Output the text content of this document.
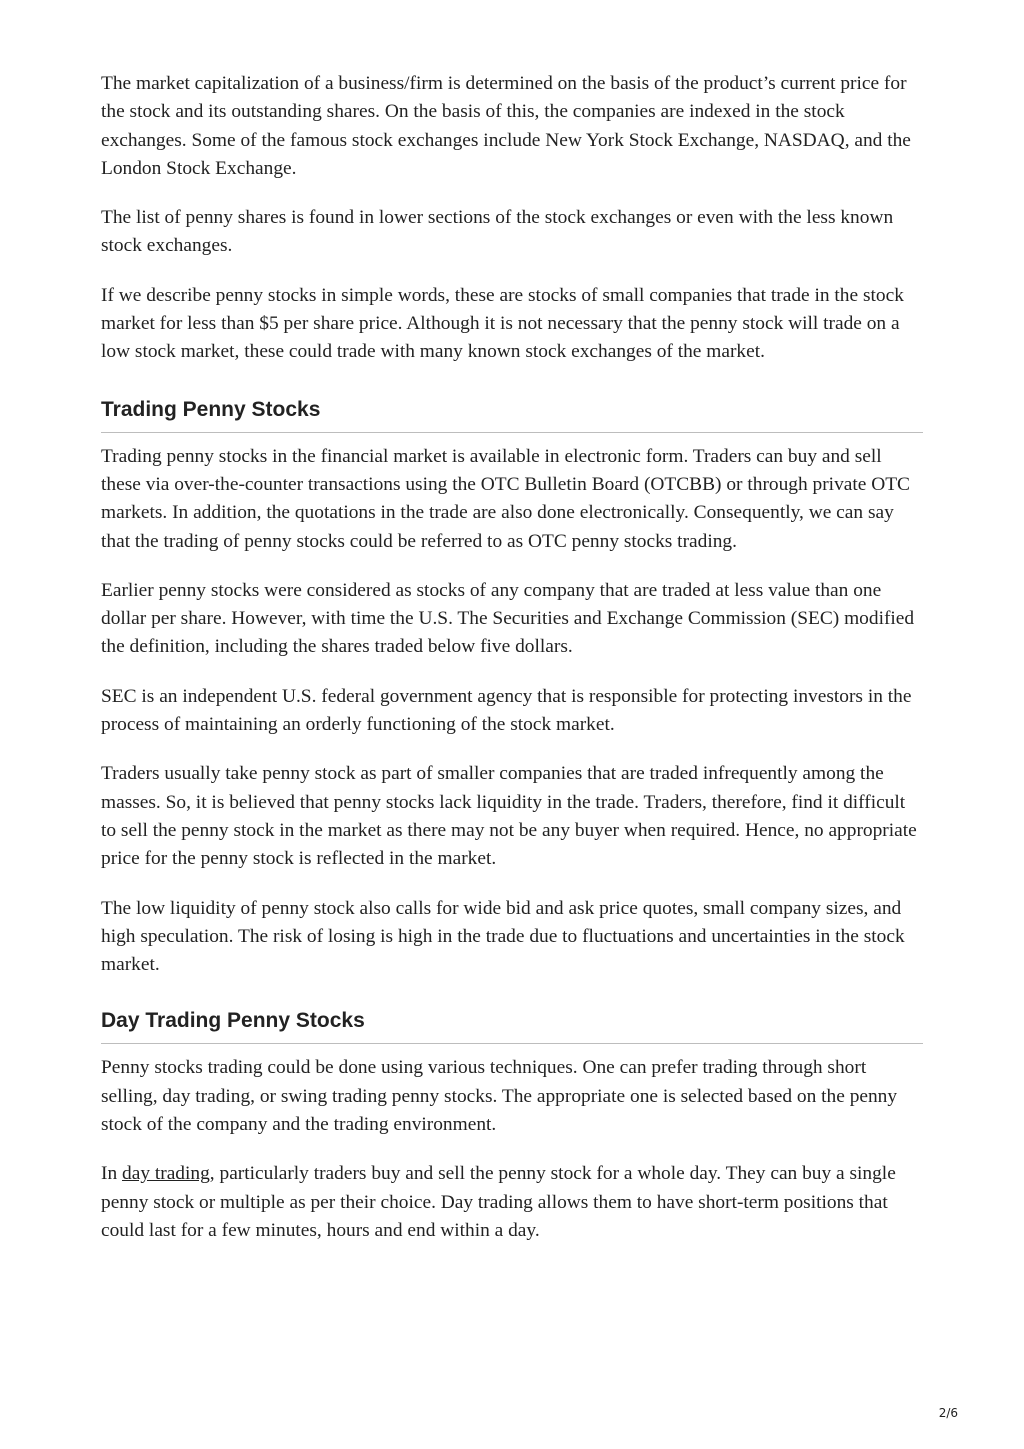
The market capitalization of a business/firm is determined on the basis of the product’s current price for the stock and its outstanding shares. On the basis of this, the companies are indexed in the stock exchanges. Some of the famous stock exchanges include New York Stock Exchange, NASDAQ, and the London Stock Exchange.

The list of penny shares is found in lower sections of the stock exchanges or even with the less known stock exchanges.

If we describe penny stocks in simple words, these are stocks of small companies that trade in the stock market for less than $5 per share price. Although it is not necessary that the penny stock will trade on a low stock market, these could trade with many known stock exchanges of the market.

Trading Penny Stocks

Trading penny stocks in the financial market is available in electronic form. Traders can buy and sell these via over-the-counter transactions using the OTC Bulletin Board (OTCBB) or through private OTC markets. In addition, the quotations in the trade are also done electronically. Consequently, we can say that the trading of penny stocks could be referred to as OTC penny stocks trading.

Earlier penny stocks were considered as stocks of any company that are traded at less value than one dollar per share. However, with time the U.S. The Securities and Exchange Commission (SEC) modified the definition, including the shares traded below five dollars.

SEC is an independent U.S. federal government agency that is responsible for protecting investors in the process of maintaining an orderly functioning of the stock market.

Traders usually take penny stock as part of smaller companies that are traded infrequently among the masses. So, it is believed that penny stocks lack liquidity in the trade. Traders, therefore, find it difficult to sell the penny stock in the market as there may not be any buyer when required. Hence, no appropriate price for the penny stock is reflected in the market.

The low liquidity of penny stock also calls for wide bid and ask price quotes, small company sizes, and high speculation. The risk of losing is high in the trade due to fluctuations and uncertainties in the stock market.

Day Trading Penny Stocks

Penny stocks trading could be done using various techniques. One can prefer trading through short selling, day trading, or swing trading penny stocks. The appropriate one is selected based on the penny stock of the company and the trading environment.

In day trading, particularly traders buy and sell the penny stock for a whole day. They can buy a single penny stock or multiple as per their choice. Day trading allows them to have short-term positions that could last for a few minutes, hours and end within a day.

2/6
